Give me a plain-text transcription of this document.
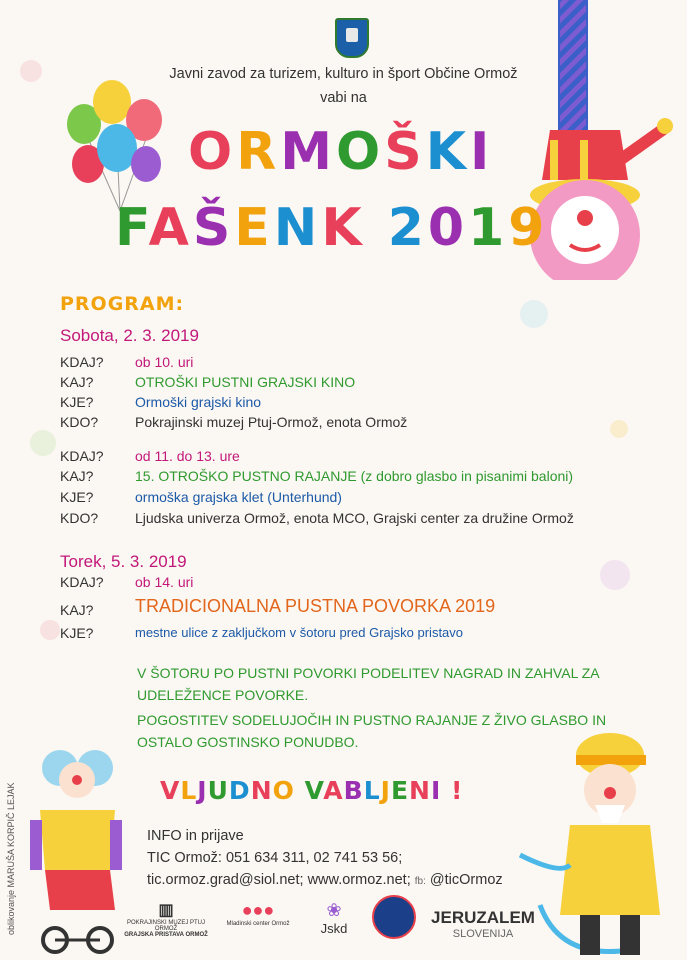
Javni zavod za turizem, kulturo in šport Občine Ormož
vabi na
ORMOŠKI
FAŠENK 2019
PROGRAM:
Sobota, 2. 3. 2019
KDAJ? ob 10. uri
KAJ?	OTROŠKI PUSTNI GRAJSKI KINO
KJE?	Ormoški grajski kino
KDO?	Pokrajinski muzej Ptuj-Ormož, enota Ormož
KDAJ? od 11. do 13. ure
KAJ?	15. OTROŠKO PUSTNO RAJANJE (z dobro glasbo in pisanimi baloni)
KJE?	ormoška grajska klet (Unterhund)
KDO?	Ljudska univerza Ormož, enota MCO, Grajski center za družine Ormož
Torek, 5. 3. 2019
KDAJ? ob 14. uri
KAJ? TRADICIONALNA PUSTNA POVORKA 2019
KJE?	mestne ulice z zaključkom v šotoru pred Grajsko pristavo
V ŠOTORU PO PUSTNI POVORKI PODELITEV NAGRAD IN ZAHVAL ZA
UDELEŽENCE POVORKE.
POGOSTITEV SODELUJOČIH IN PUSTNO RAJANJE Z ŽIVO GLASBO IN
OSTALO GOSTINSKO PONUDBO.
VLJUDNO VABLJENI !
INFO in prijave
TIC Ormož: 051 634 311, 02 741 53 56;
tic.ormoz.grad@siol.net; www.ormoz.net; fb: @ticOrmoz
oblikovanje MARUŠA KORPIČ LEJAK	▥
POKRAJINSKI MUZEJ PTUJ ORMOŽ
GRAJSKA PRISTAVA ORMOŽ
●●●
Mladinski center Ormož
❀
Jskd
JERUZALEM
SLOVENIJA
